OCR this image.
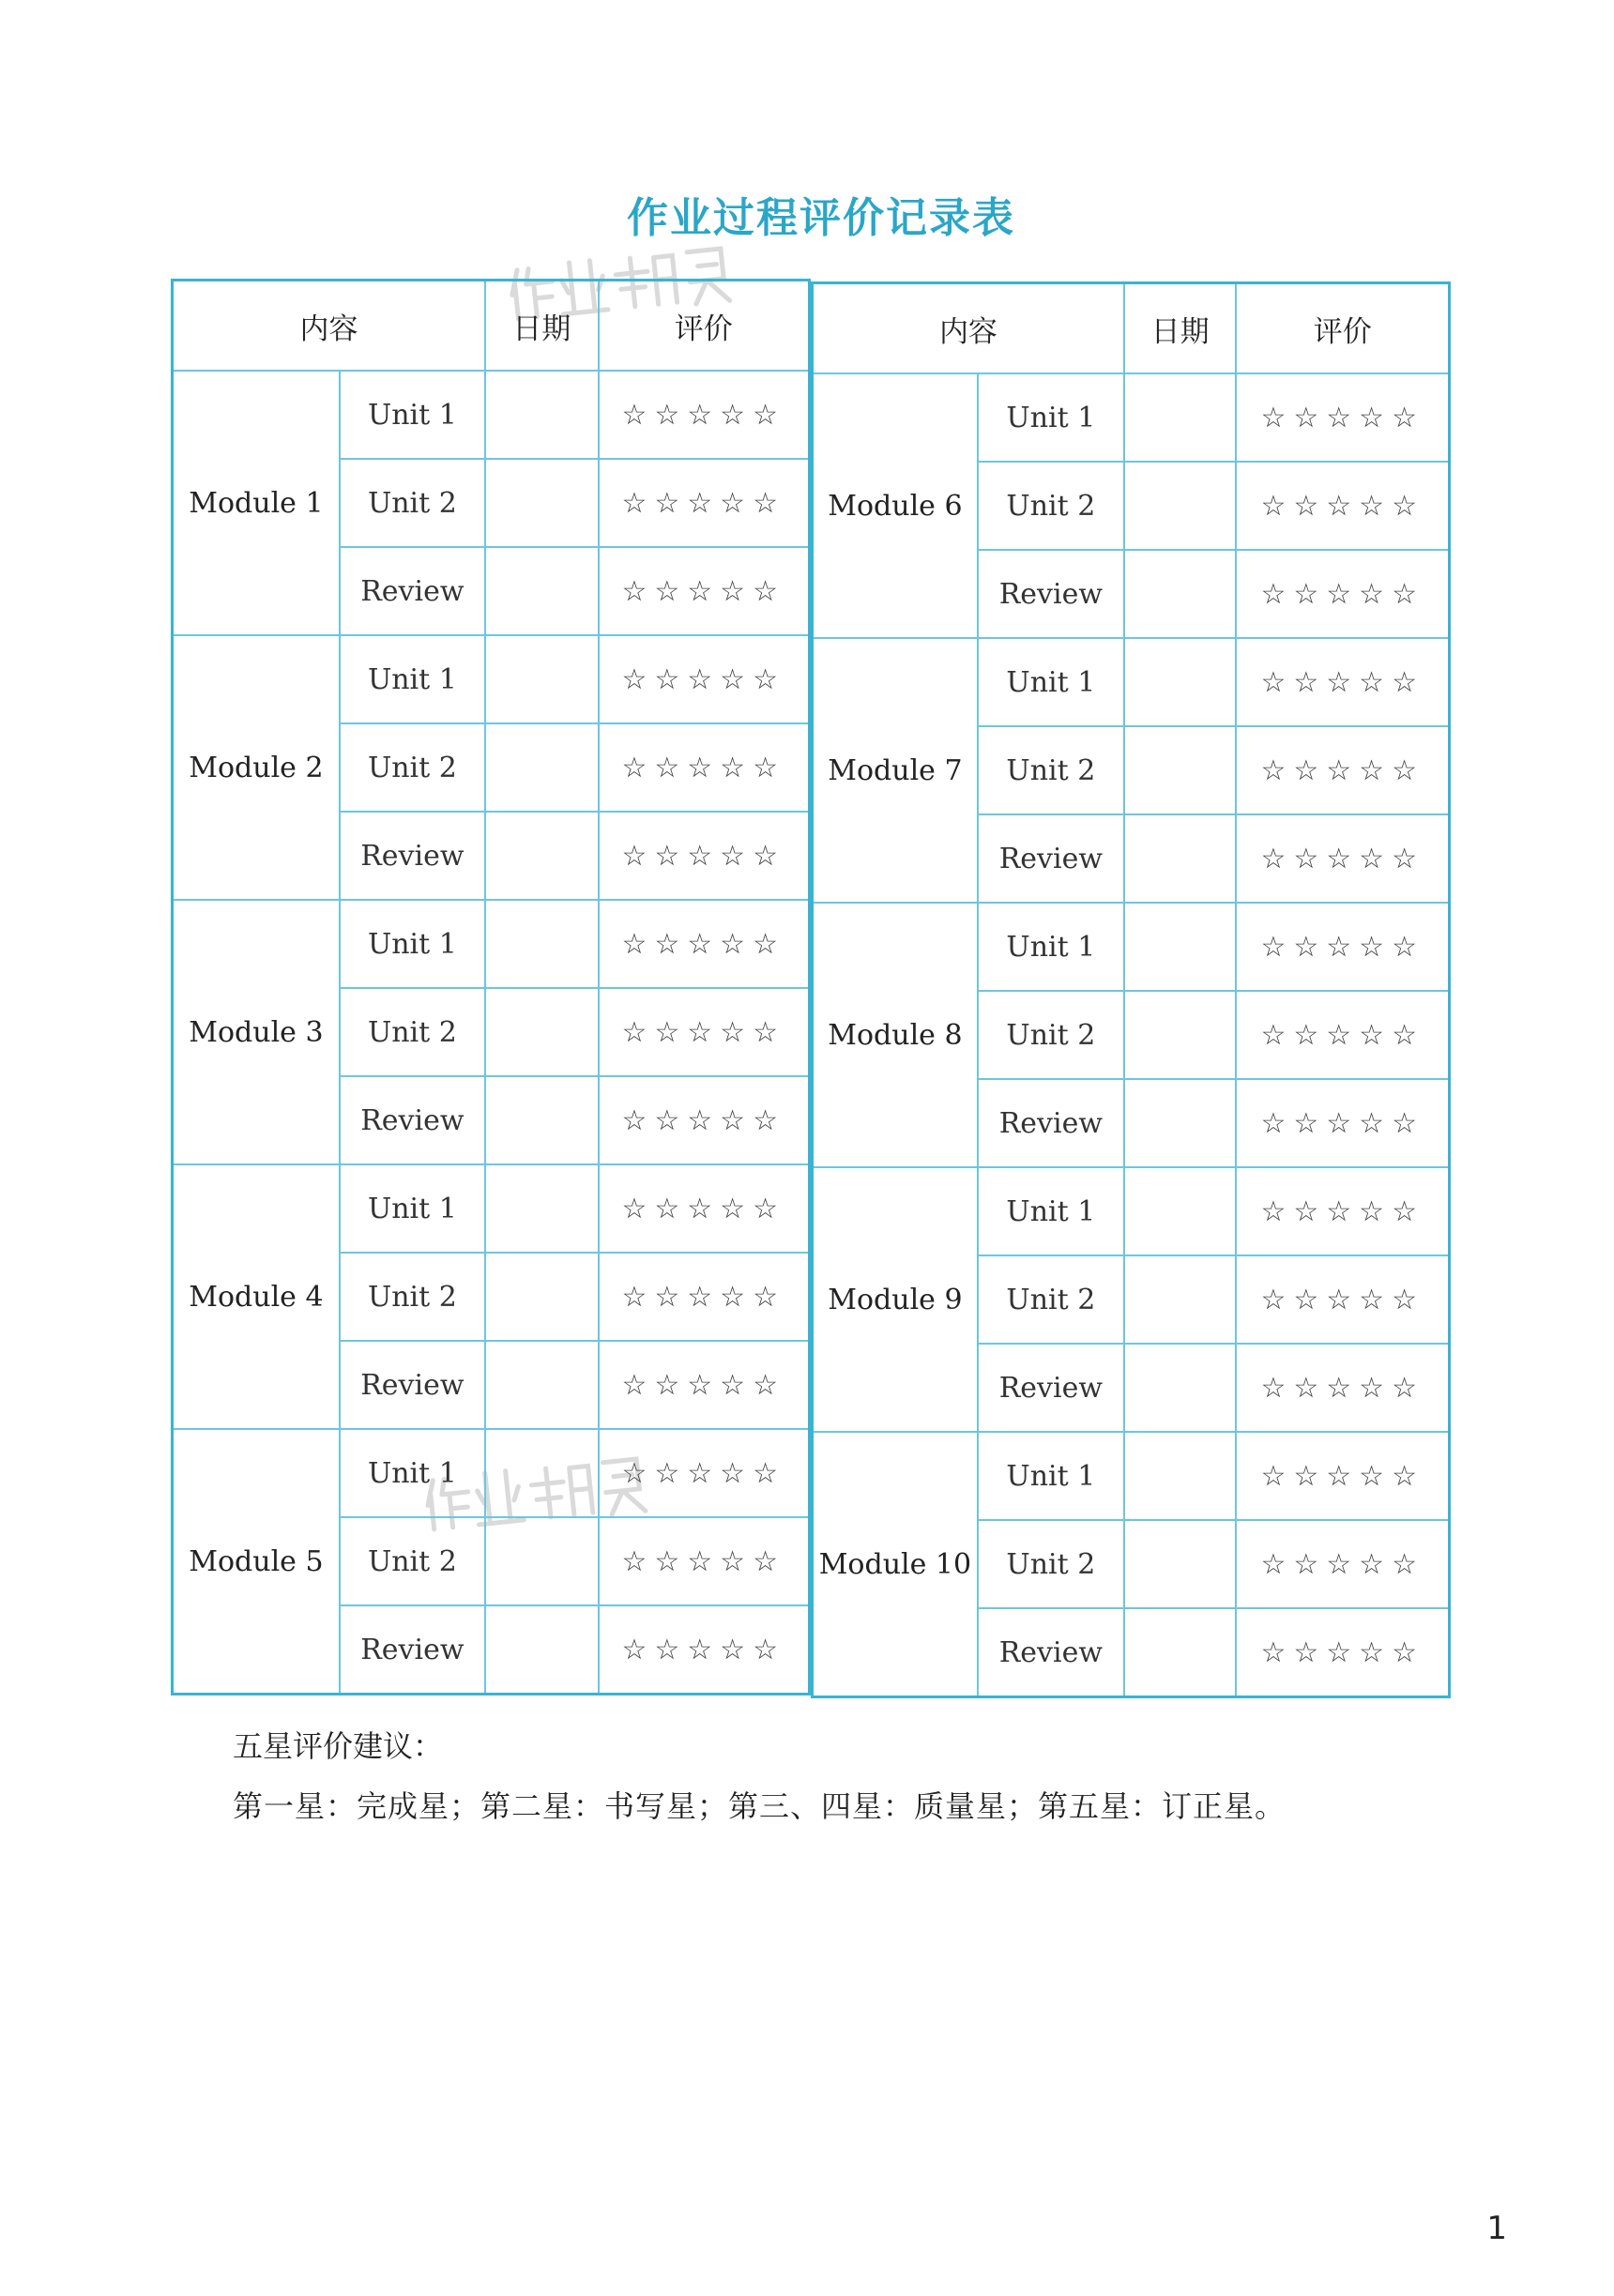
作业过程评价记录表
内容		日期	评价
Module 1	Unit 1		☆☆☆☆☆
	Unit 2		☆☆☆☆☆
	Review		☆☆☆☆☆
Module 2	Unit 1		☆☆☆☆☆
	Unit 2		☆☆☆☆☆
	Review		☆☆☆☆☆
Module 3	Unit 1		☆☆☆☆☆
	Unit 2		☆☆☆☆☆
	Review		☆☆☆☆☆
Module 4	Unit 1		☆☆☆☆☆
	Unit 2		☆☆☆☆☆
	Review		☆☆☆☆☆
Module 5	Unit 1		☆☆☆☆☆
	Unit 2		☆☆☆☆☆
	Review		☆☆☆☆☆
内容		日期	评价
Module 6	Unit 1		☆☆☆☆☆
	Unit 2		☆☆☆☆☆
	Review		☆☆☆☆☆
Module 7	Unit 1		☆☆☆☆☆
	Unit 2		☆☆☆☆☆
	Review		☆☆☆☆☆
Module 8	Unit 1		☆☆☆☆☆
	Unit 2		☆☆☆☆☆
	Review		☆☆☆☆☆
Module 9	Unit 1		☆☆☆☆☆
	Unit 2		☆☆☆☆☆
	Review		☆☆☆☆☆
Module 10	Unit 1		☆☆☆☆☆
	Unit 2		☆☆☆☆☆
	Review		☆☆☆☆☆
五星评价建议：
第一星：完成星；第二星：书写星；第三、四星：质量星；第五星：订正星。
1
